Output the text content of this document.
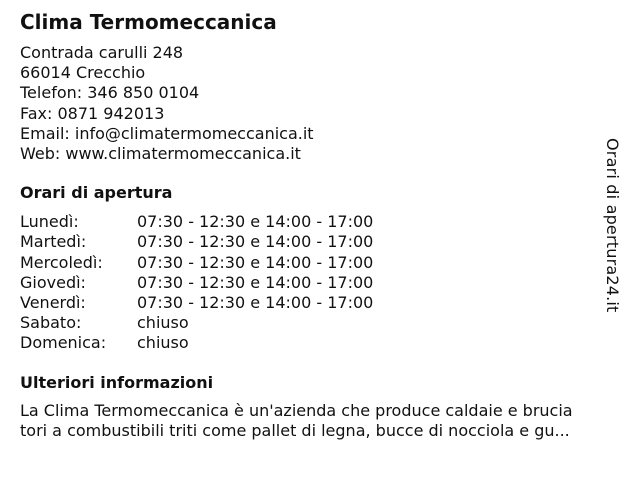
Clima Termomeccanica
Contrada carulli 248
66014 Crecchio
Telefon: 346 850 0104
Fax: 0871 942013
Email: info@climatermomeccanica.it
Web: www.climatermomeccanica.it
Orari di apertura
Lunedì:	07:30 - 12:30 e 14:00 - 17:00
Martedì:	07:30 - 12:30 e 14:00 - 17:00
Mercoledì:	07:30 - 12:30 e 14:00 - 17:00
Giovedì:	07:30 - 12:30 e 14:00 - 17:00
Venerdì:	07:30 - 12:30 e 14:00 - 17:00
Sabato:	chiuso
Domenica:	chiuso
Ulteriori informazioni
La Clima Termomeccanica è un'azienda che produce caldaie e brucia
tori a combustibili triti come pallet di legna, bucce di nocciola e gu...
Orari di apertura24.it
